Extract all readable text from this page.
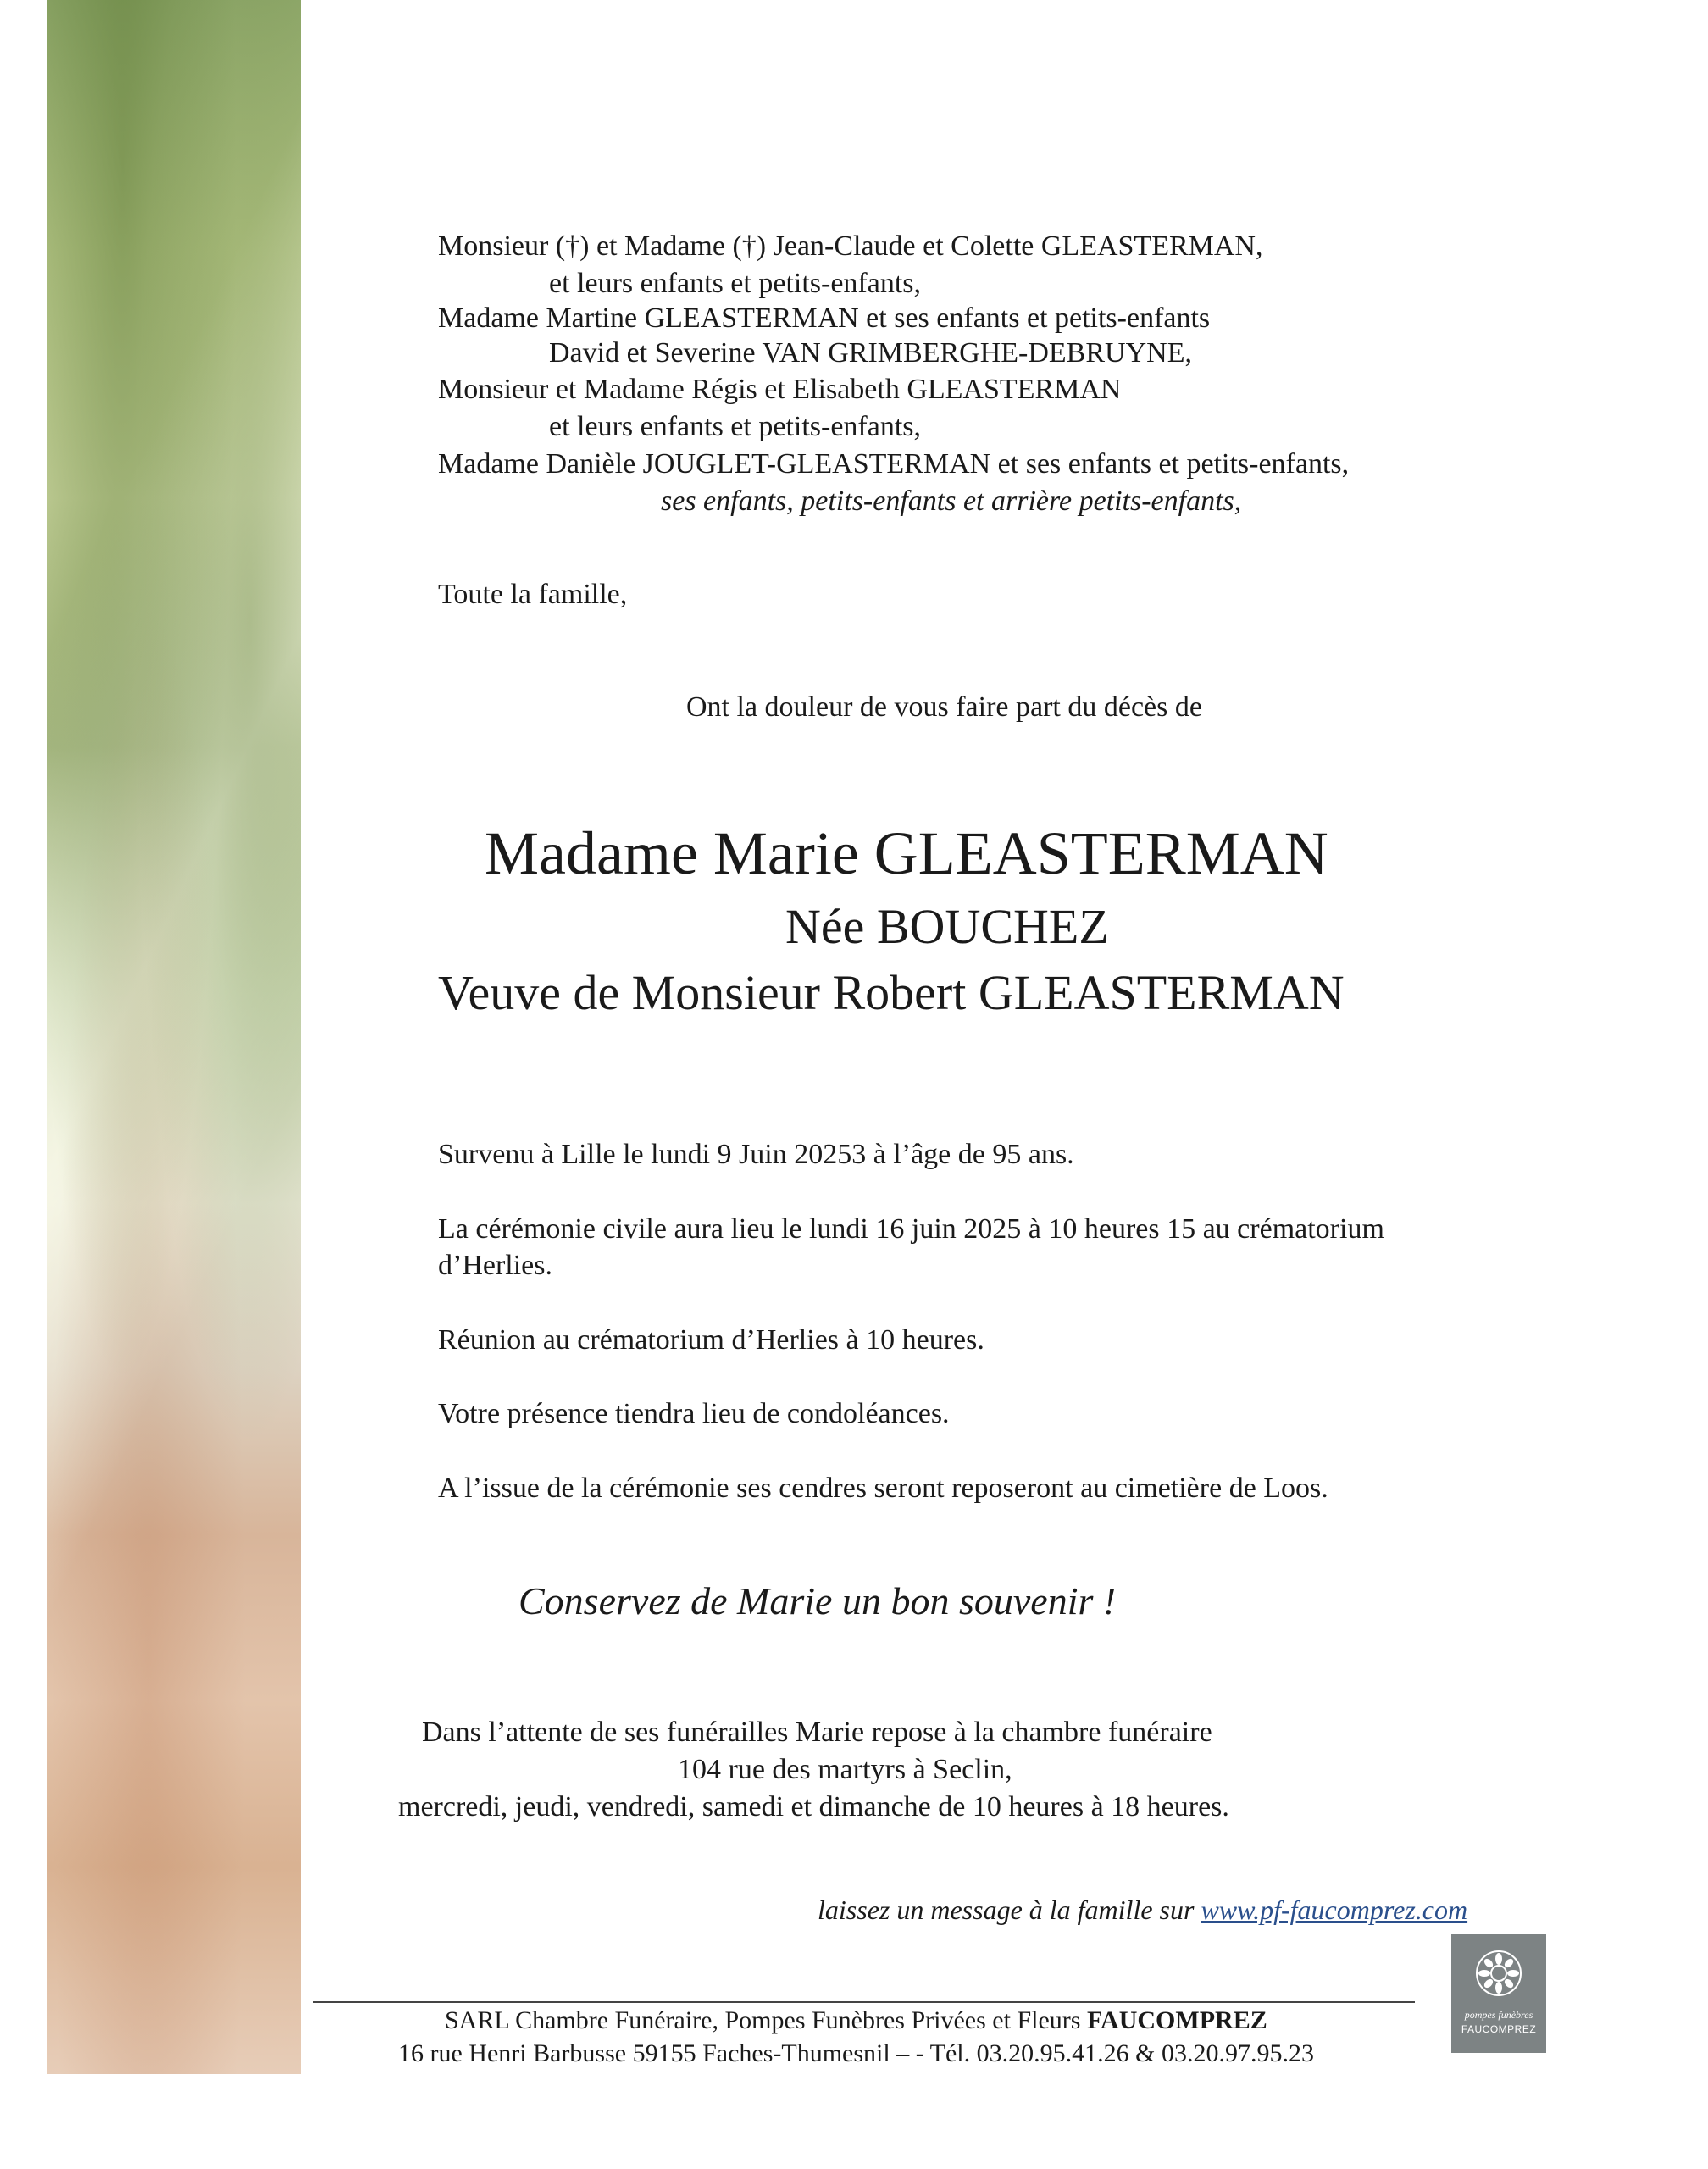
Monsieur (†) et Madame (†) Jean-Claude et Colette GLEASTERMAN,
et leurs enfants et petits-enfants,
Madame Martine GLEASTERMAN et ses enfants et petits-enfants
David et Severine VAN GRIMBERGHE-DEBRUYNE,
Monsieur et Madame Régis et Elisabeth GLEASTERMAN
et leurs enfants et petits-enfants,
Madame Danièle JOUGLET-GLEASTERMAN et ses enfants et petits-enfants,
ses enfants, petits-enfants et arrière petits-enfants,
Toute la famille,
Ont la douleur de vous faire part du décès de
Madame Marie GLEASTERMAN
Née BOUCHEZ
Veuve de Monsieur Robert GLEASTERMAN
Survenu à Lille le lundi 9 Juin 20253 à l’âge de 95 ans.
La cérémonie civile aura lieu le lundi 16 juin 2025 à 10 heures 15 au crématorium
d’Herlies.
Réunion au crématorium d’Herlies à 10 heures.
Votre présence tiendra lieu de condoléances.
A l’issue de la cérémonie ses cendres seront reposeront au cimetière de Loos.
Conservez de Marie un bon souvenir !
Dans l’attente de ses funérailles Marie repose à la chambre funéraire
104 rue des martyrs à Seclin,
mercredi, jeudi, vendredi, samedi et dimanche de 10 heures à 18 heures.
laissez un message à la famille sur www.pf-faucomprez.com
SARL Chambre Funéraire, Pompes Funèbres Privées et Fleurs FAUCOMPREZ
16 rue Henri Barbusse 59155 Faches-Thumesnil – - Tél. 03.20.95.41.26 & 03.20.97.95.23
pompes funèbres
FAUCOMPREZ
